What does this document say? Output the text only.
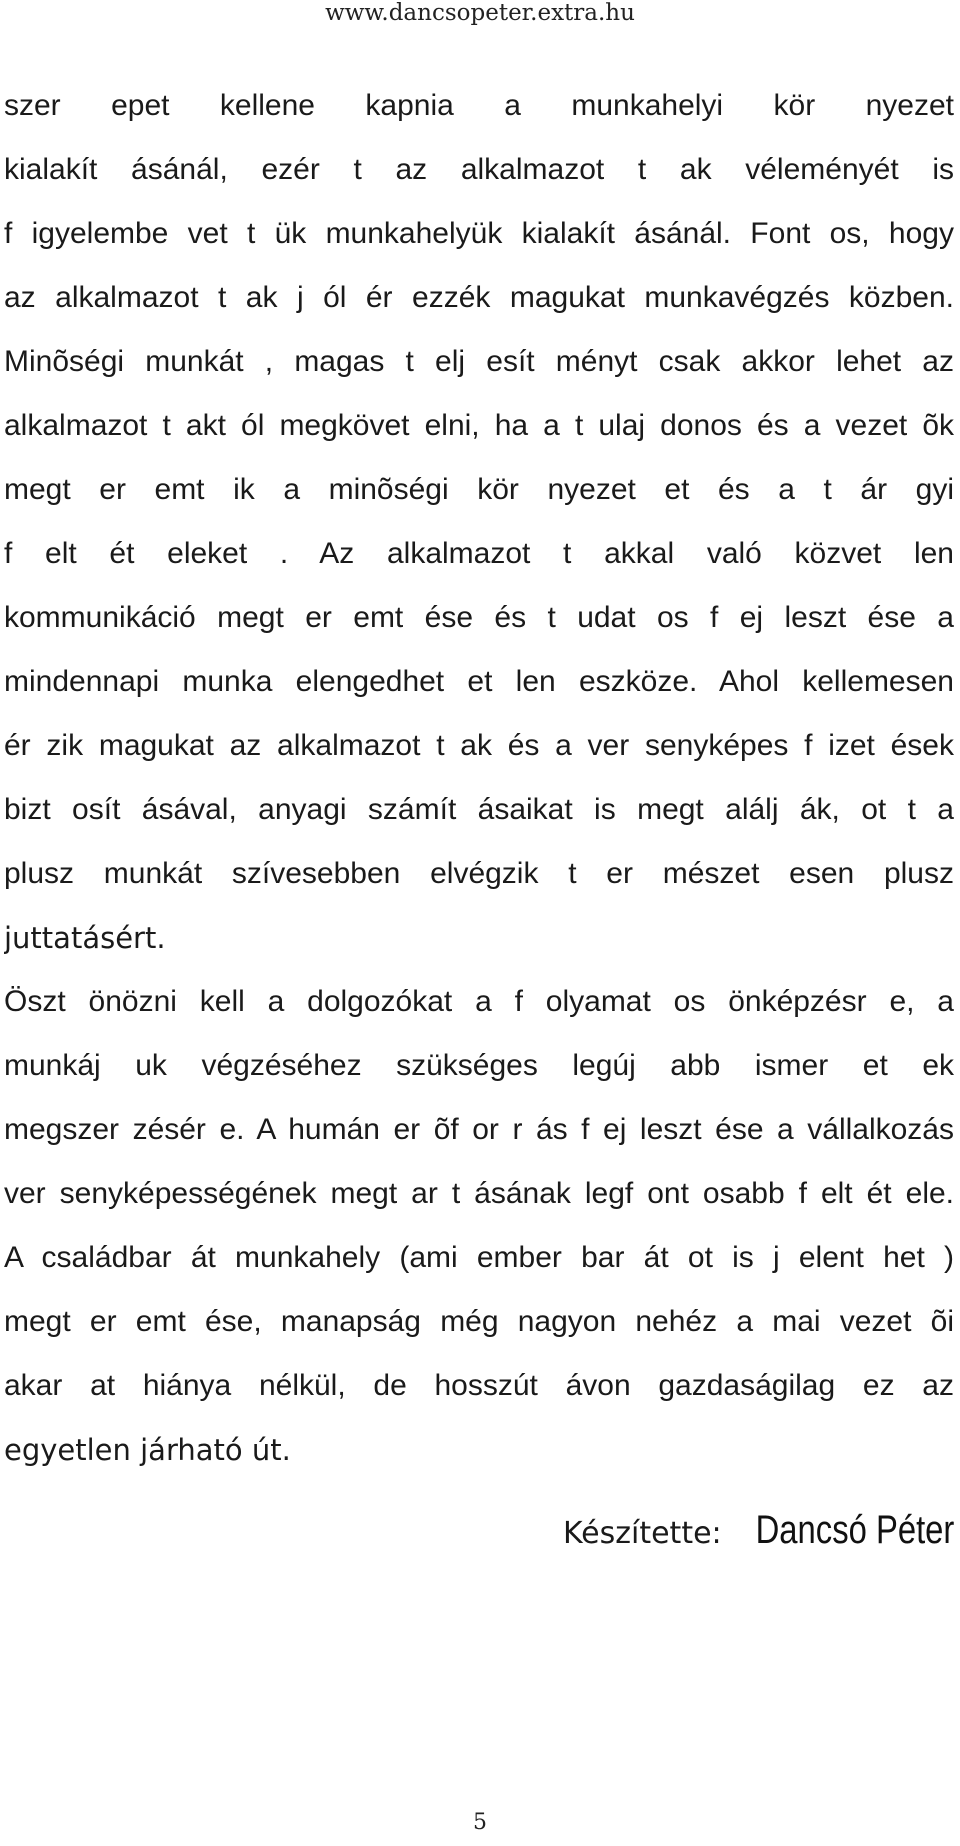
www.dancsopeter.extra.hu
szer epet kellene kapnia a munkahelyi kör nyezet
kialakít ásánál, ezér t az alkalmazot t ak véleményét is
f igyelembe vet t ük munkahelyük kialakít ásánál. Font os, hogy
az alkalmazot t ak j ól ér ezzék magukat munkavégzés közben.
Minõségi munkát , magas t elj esít ményt csak akkor lehet az
alkalmazot t akt ól megkövet elni, ha a t ulaj donos és a vezet õk
megt er emt ik a minõségi kör nyezet et és a t ár gyi
f elt ét eleket . Az alkalmazot t akkal való közvet len
kommunikáció megt er emt ése és t udat os f ej leszt ése a
mindennapi munka elengedhet et len eszköze. Ahol kellemesen
ér zik magukat az alkalmazot t ak és a ver senyképes f izet ések
bizt osít ásával, anyagi számít ásaikat is megt alálj ák, ot t a
plusz munkát szívesebben elvégzik t er mészet esen plusz
juttatásért.
Öszt önözni kell a dolgozókat a f olyamat os önképzésr e, a
munkáj uk végzéséhez szükséges legúj abb ismer et ek
megszer zésér e. A humán er õf or r ás f ej leszt ése a vállalkozás
ver senyképességének megt ar t ásának legf ont osabb f elt ét ele.
A családbar át munkahely (ami ember bar át ot is j elent het )
megt er emt ése, manapság még nagyon nehéz a mai vezet õi
akar at hiánya nélkül, de hosszút ávon gazdaságilag ez az
egyetlen járható út.
Készítette: Dancsó Péter
5
